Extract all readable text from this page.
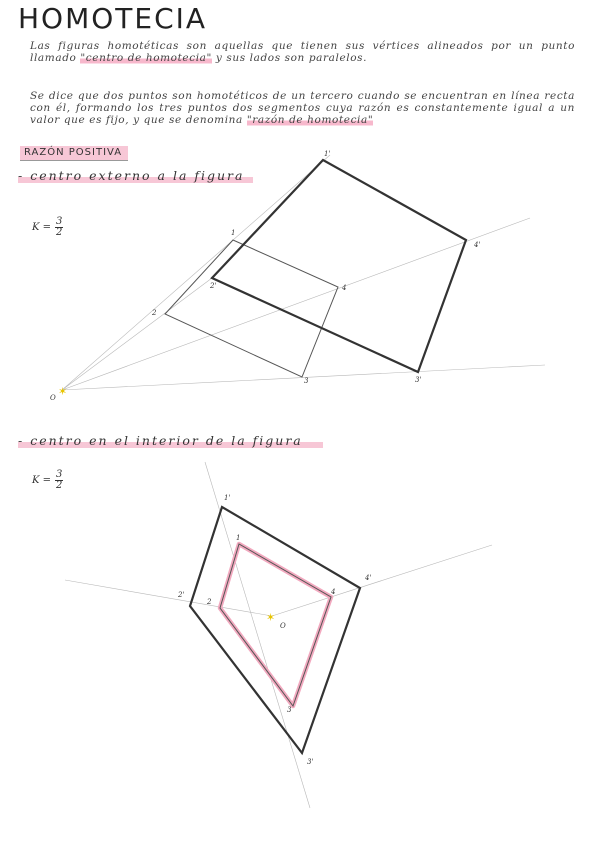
HOMOTECIA
Las figuras homotéticas son aquellas que tienen sus vértices alineados por un punto llamado "centro de homotecia" y sus lados son paralelos.
Se dice que dos puntos son homotéticos de un tercero cuando se encuentran en línea recta con él, formando los tres puntos dos segmentos cuya razón es constantemente igual a un valor que es fijo, y que se denomina "razón de homotecia"
RAZÓN POSITIVA
- centro externo a la figura
$K = \frac{3}{2}$
- centro en el interior de la figura
$K = \frac{3}{2}$
O
1
2
3
4
1'
2'
3'
4'
✶
1
2
3
4
1'
2'
3'
4'
O
✶
